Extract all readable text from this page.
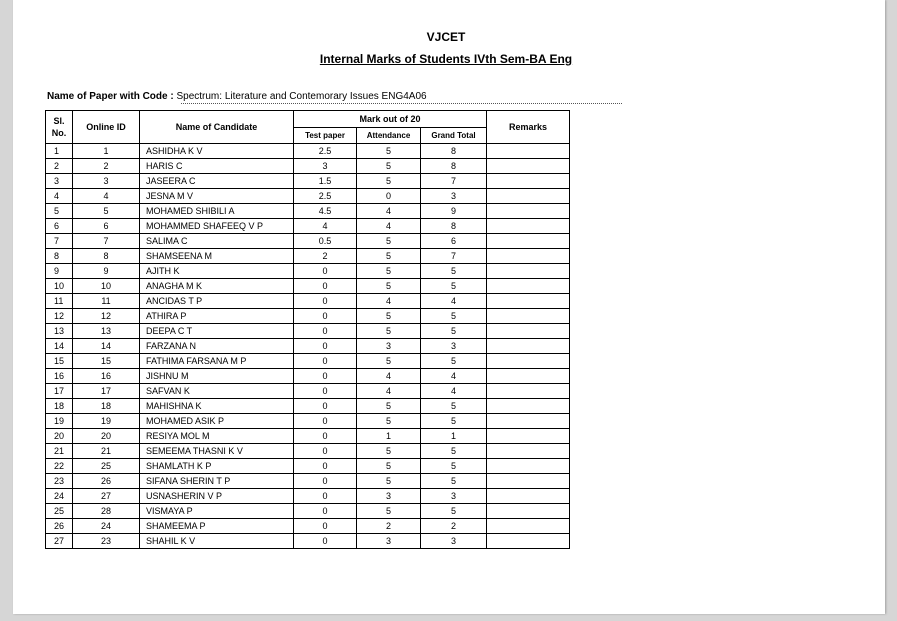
VJCET
Internal Marks of Students IVth Sem-BA Eng
Name of Paper with Code : Spectrum: Literature and Contemorary Issues ENG4A06
Sl. No.	Online ID	Name of Candidate	Mark out of 20			Remarks
			Test paper	Attendance	Grand Total	
1	1	ASHIDHA K V	2.5	5	8	
2	2	HARIS C	3	5	8	
3	3	JASEERA C	1.5	5	7	
4	4	JESNA M V	2.5	0	3	
5	5	MOHAMED SHIBILI A	4.5	4	9	
6	6	MOHAMMED SHAFEEQ V P	4	4	8	
7	7	SALIMA C	0.5	5	6	
8	8	SHAMSEENA M	2	5	7	
9	9	AJITH K	0	5	5	
10	10	ANAGHA M K	0	5	5	
11	11	ANCIDAS T P	0	4	4	
12	12	ATHIRA P	0	5	5	
13	13	DEEPA C T	0	5	5	
14	14	FARZANA N	0	3	3	
15	15	FATHIMA FARSANA M P	0	5	5	
16	16	JISHNU M	0	4	4	
17	17	SAFVAN K	0	4	4	
18	18	MAHISHNA K	0	5	5	
19	19	MOHAMED ASIK P	0	5	5	
20	20	RESIYA MOL M	0	1	1	
21	21	SEMEEMA THASNI K V	0	5	5	
22	25	SHAMLATH K P	0	5	5	
23	26	SIFANA SHERIN T P	0	5	5	
24	27	USNASHERIN V P	0	3	3	
25	28	VISMAYA P	0	5	5	
26	24	SHAMEEMA P	0	2	2	
27	23	SHAHIL K V	0	3	3	
